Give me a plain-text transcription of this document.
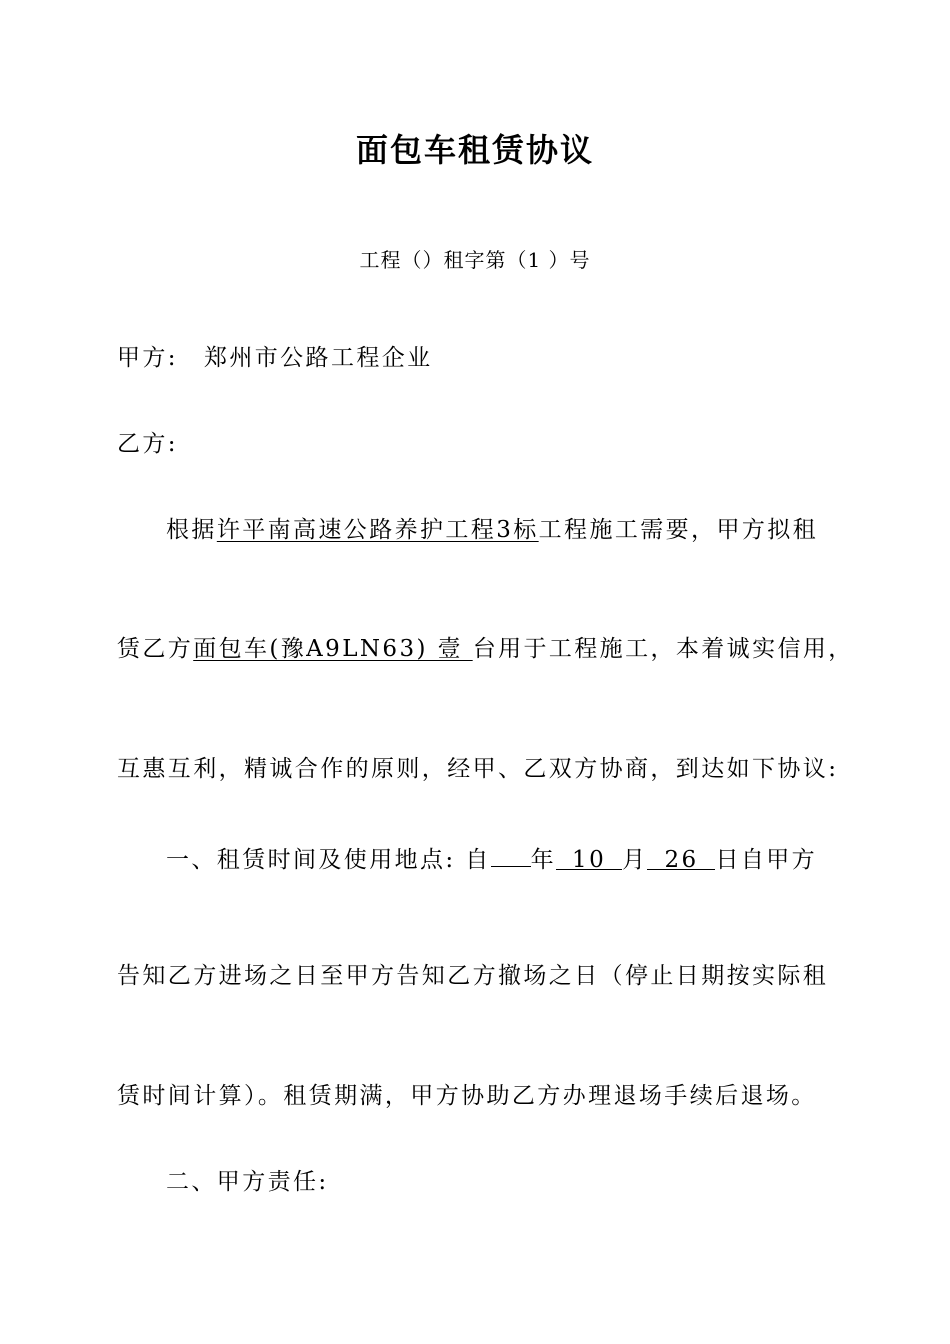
面包车租赁协议
工程（）租字第（1 ）号
甲方: 郑州市公路工程企业
乙方:
根据许平南高速公路养护工程3标工程施工需要，甲方拟租
赁乙方面包车(豫A9LN63) 壹 台用于工程施工，本着诚实信用，
互惠互利，精诚合作的原则，经甲、乙双方协商，到达如下协议:
一、租赁时间及使用地点: 自 年 10 月 26 日自甲方
告知乙方进场之日至甲方告知乙方撤场之日（停止日期按实际租
赁时间计算）。租赁期满，甲方协助乙方办理退场手续后退场。
二、甲方责任:
